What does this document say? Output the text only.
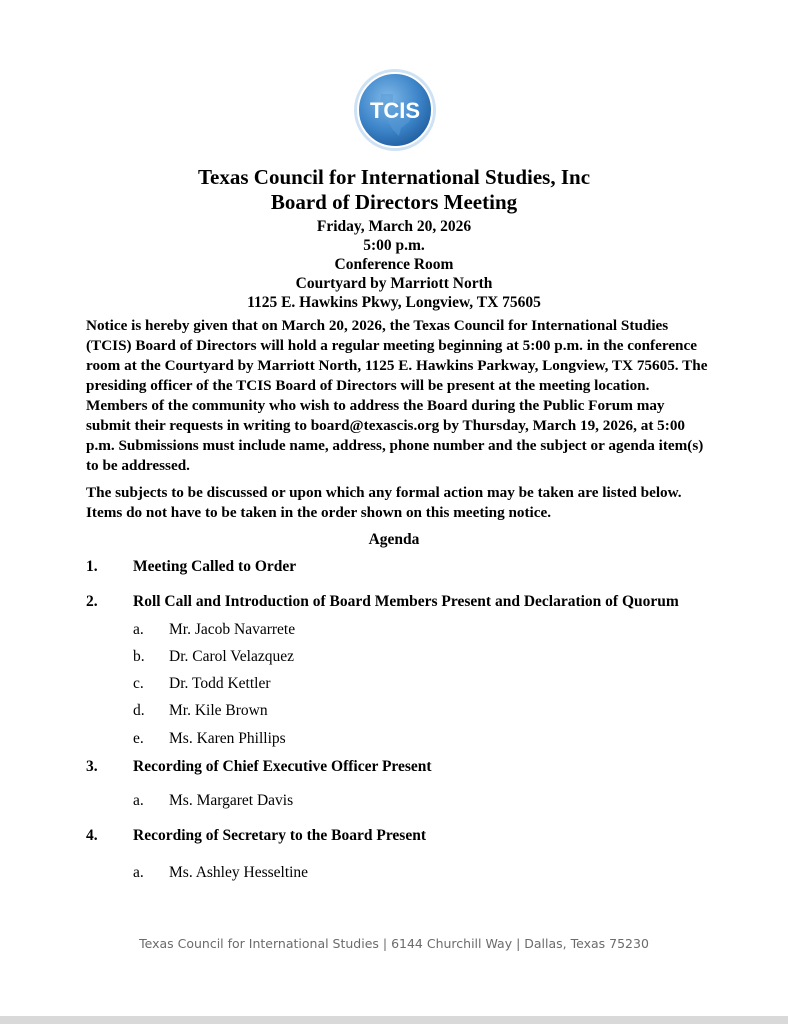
TCIS
Texas Council for International Studies, Inc
Board of Directors Meeting
Friday, March 20, 2026
5:00 p.m.
Conference Room
Courtyard by Marriott North
1125 E. Hawkins Pkwy, Longview, TX 75605

Notice is hereby given that on March 20, 2026, the Texas Council for International Studies (TCIS) Board of Directors will hold a regular meeting beginning at 5:00 p.m. in the conference room at the Courtyard by Marriott North, 1125 E. Hawkins Parkway, Longview, TX 75605. The presiding officer of the TCIS Board of Directors will be present at the meeting location. Members of the community who wish to address the Board during the Public Forum may submit their requests in writing to board@texascis.org by Thursday, March 19, 2026, at 5:00 p.m. Submissions must include name, address, phone number and the subject or agenda item(s) to be addressed.

The subjects to be discussed or upon which any formal action may be taken are listed below. Items do not have to be taken in the order shown on this meeting notice.

Agenda
1. Meeting Called to Order
2. Roll Call and Introduction of Board Members Present and Declaration of Quorum
a. Mr. Jacob Navarrete
b. Dr. Carol Velazquez
c. Dr. Todd Kettler
d. Mr. Kile Brown
e. Ms. Karen Phillips
3. Recording of Chief Executive Officer Present
a. Ms. Margaret Davis
4. Recording of Secretary to the Board Present
a. Ms. Ashley Hesseltine
Texas Council for International Studies | 6144 Churchill Way | Dallas, Texas 75230
